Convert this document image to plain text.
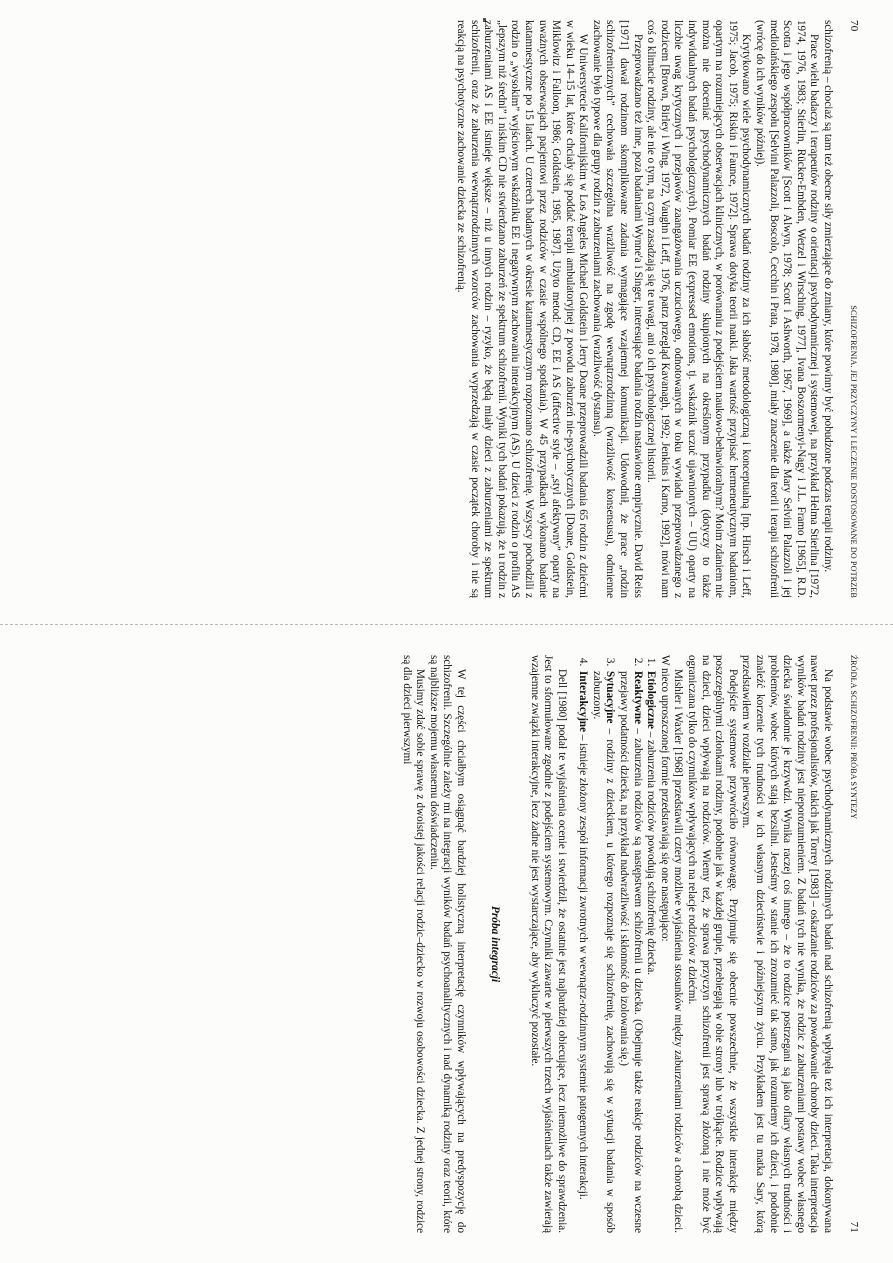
70
SCHIZOFRENIA. JEJ PRZYCZYNY I LECZENIE DOSTOSOWANE DO POTRZEB

schizofrenią – chociaż są tam też obecne siły zmierzające do zmiany, które powinny być pobudzone podczas terapii rodziny.

Prace wielu badaczy i terapeutów rodziny o orientacji psychodynamicznej i systemowej, na przykład Helma Stierlina [1972, 1974, 1976, 1983; Stierlin, Rücker-Embden, Wetzel i Wirsching, 1977], Ivana Boszormenyi-Nagy i J.L. Framo [1965], R.D. Scotta i jego współpracowników [Scott i Alwyn, 1978; Scott i Ashworth, 1967, 1969], a także Mary Selvini Palazzoli i jej mediolańskiego zespołu [Selvini Palazzoli, Boscolo, Cecchin i Prata, 1978, 1980], miały znaczenie dla teorii i terapii schizofrenii (wrócę do ich wyników później).

Krytykowano wiele psychodynamicznych badań rodziny za ich słabość metodologiczną i konceptualną [np. Hirsch i Leff, 1975; Jacob, 1975; Riskin i Faunce, 1972]. Sprawa dotyka teorii nauki. Jaka wartość przypisać hermeneutycznym badaniom, opartym na rozumiejących obserwacjach klinicznych, w porównaniu z podejściem naukowo-behawioralnym? Moim zdaniem nie można nie doceniać psychodynamicznych badań rodziny skupionych na określonym przypadku (dotyczy to także indywidualnych badań psychologicznych). Pomiar EE (expressed emotions, tj. wskaźnik uczuć ujawnionych – UU) oparty na liczbie uwag krytycznych i przejawów zaangażowania uczuciowego, odnotowanych w toku wywiadu przeprowadzanego z rodzicem [Brown, Birley i Wing, 1972, Vaughn i Leff, 1976, patrz przegląd Kavanagh, 1992; Jenkins i Karno, 1992], mówi nam coś o klimacie rodziny, ale nie o tym, na czym zasadzają się te uwagi, ani o ich psychologicznej historii.

Przeprowadzano też inne, poza badaniami Wynne'a i Singer, interesujące badania rodzin nastawione empirycznie. David Reiss [1971] dawał rodzinom skomplikowane zadania wymagające wzajemnej komunikacji. Udowodnił, że prace „rodzin schizofrenicznych” cechowała szczególna wrażliwość na zgodę wewnątrzrodzinną (wrażliwość konsensusu), odmienne zachowanie było typowe dla grupy rodzin z zaburzeniami zachowania (wrażliwość dystansu).

W Uniwersytecie Kalifornijskim w Los Angeles Michael Goldstein i Jerry Doane przeprowadzili badania 65 rodzin z dziećmi w wieku 14–15 lat, które chciały się poddać terapii ambulatoryjnej z powodu zaburzeń nie-psychotycznych [Doane, Goldstein, Miklowitz i Falloon, 1986; Goldstein, 1985, 1987]. Użyto metod: CD, EE i AS (affective style – „styl afektywny” oparty na uważnych obserwacjach pacjentowi przez rodziców w czasie wspólnego spotkania). W 45 przypadkach wykonano badanie katamnestyczne po 15 latach. U czterech badanych w okresie katamnestycznym rozpoznano schizofrenię. Wszyscy pochodzili z rodzin o „wysokim” wyjściowym wskaźniku EE i negatywnym zachowaniu interakcyjnym (AS). U dzieci z rodzin o profilu AS „lepszym niż średni” i niskim CD nie stwierdzano zaburzeń ze spektrum schizofrenii. Wyniki tych badań pokazują, że u rodzin z zaburzeniami AS i EE istnieje większe – niż u innych rodzin – ryzyko, że będą miały dzieci z zaburzeniami ze spektrum schizofrenii, oraz że zaburzenia wewnątrzrodzinnych wzorców zachowania wyprzedzają w czasie początek choroby i nie są reakcją na psychotyczne zachowanie dziecka ze schizofrenią.

ŹRÓDŁA SCHIZOFRENII: PRÓBA SYNTEZY
71

Na podstawie wobec psychodynamicznych rodzinnych badań nad schizofrenią wpłynęła też ich interpretacja, dokonywana nawet przez profesjonalistów, takich jak Torrey [1983] – oskarżanie rodziców za powodowanie choroby dzieci. Taka interpretacja wyników badań rodziny jest nieporozumieniem. Z badań tych nie wynika, że rodzic z zaburzeniami postawy wobec własnego dziecka świadomie je krzywdzi. Wynika raczej coś innego – że to rodzice postrzegani są jako ofiary własnych trudności i problemów, wobec których stają bezsilni. Jesteśmy w stanie ich zrozumieć tak samo, jak rozumiemy ich dzieci, i podobnie znaleźć korzenie tych trudności w ich własnym dzieciństwie i późniejszym życiu. Przykładem jest tu matka Sary, którą przedstawiłem w rozdziale pierwszym.

Podejście systemowe przywróciło równowagę. Przyjmuje się obecnie powszechnie, że wszystkie interakcje między poszczególnymi członkami rodziny, podobnie jak w każdej grupie, przebiegają w obie strony lub w trójkącie. Rodzice wpływają na dzieci, dzieci wpływają na rodziców. Wiemy też, że sprawa przyczyn schizofrenii jest sprawą złożoną i nie może być ograniczana tylko do czynników wpływających na relacje rodziców z dziećmi.

Mishler i Waxler [1968] przedstawili cztery możliwe wyjaśnienia stosunków między zaburzeniami rodziców a chorobą dzieci. W nieco uproszczonej formie przedstawiają się one następująco:

1. Etiologiczne – zaburzenia rodziców powodują schizofrenię dziecka.
2. Reaktywne – zaburzenia rodziców są następstwem schizofrenii u dziecka. (Obejmuje także reakcje rodziców na wczesne przejawy podatności dziecka, na przykład nadwrażliwość i skłonność do izolowania się.)
3. Sytuacyjne – rodziny z dzieckiem, u którego rozpoznaje się schizofrenię, zachowują się w sytuacji badania w sposób zaburzony.
4. Interakcyjne – istnieje złożony zespół informacji zwrotnych w wewnątrz-rodzinnym systemie patogennych interakcji.

Dell [1980] podał te wyjaśnienia ocenie i stwierdził, że ostatnie jest najbardziej obiecujące, lecz niemożliwe do sprawdzenia. Jest to sformułowane zgodnie z podejściem systemowym. Czynniki zawarte w pierwszych trzech wyjaśnieniach także zawierają wzajemne związki interakcyjne, lecz żadne nie jest wystarczające, aby wykluczyć pozostałe.

Próba integracji

W tej części chciałbym osiągnąć bardziej holistyczną interpretację czynników wpływających na predyspozycję do schizofrenii. Szczególnie zależy mi na integracji wyników badań psychoanalitycznych i nad dynamiką rodziny oraz teorii, które są najbliższe mojemu własnemu doświadczeniu.

Musimy zdać sobie sprawę z dwoistej jakości relacji rodzic–dziecko w rozwoju osobowości dziecka. Z jednej strony, rodzice są dla dzieci pierwszymi
